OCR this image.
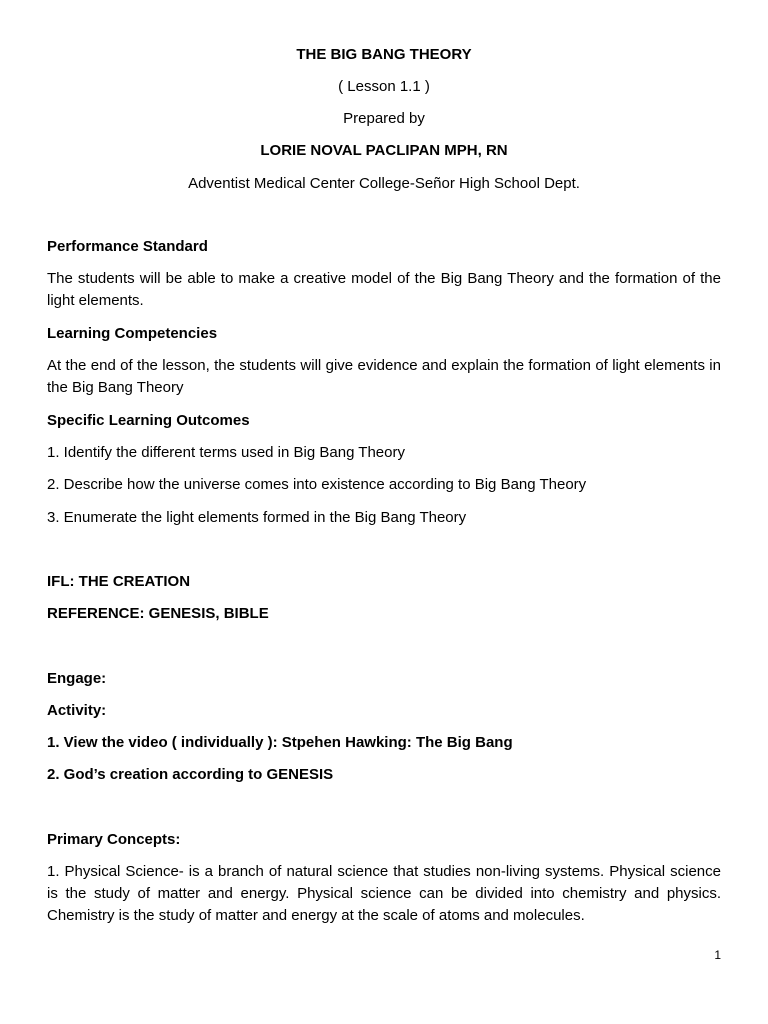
THE BIG BANG THEORY
( Lesson 1.1 )
Prepared by
LORIE NOVAL PACLIPAN MPH, RN
Adventist Medical Center College-Señor High School Dept.
Performance Standard
The students will be able to make a creative model of the Big Bang Theory and the formation of the light elements.
Learning Competencies
At the end of the lesson, the students will give evidence and explain the formation of light elements in the Big Bang Theory
Specific Learning Outcomes
1. Identify the different terms used in Big Bang Theory
2. Describe how the universe comes into existence according to Big Bang Theory
3. Enumerate the light elements formed in the Big Bang Theory
IFL: THE CREATION
REFERENCE: GENESIS, BIBLE
Engage:
Activity:
1. View the video ( individually ): Stpehen Hawking: The Big Bang
2. God’s creation according to GENESIS
Primary Concepts:
1. Physical Science- is a branch of natural science that studies non-living systems. Physical science is the study of matter and energy. Physical science can be divided into chemistry and physics. Chemistry is the study of matter and energy at the scale of atoms and molecules.
1
